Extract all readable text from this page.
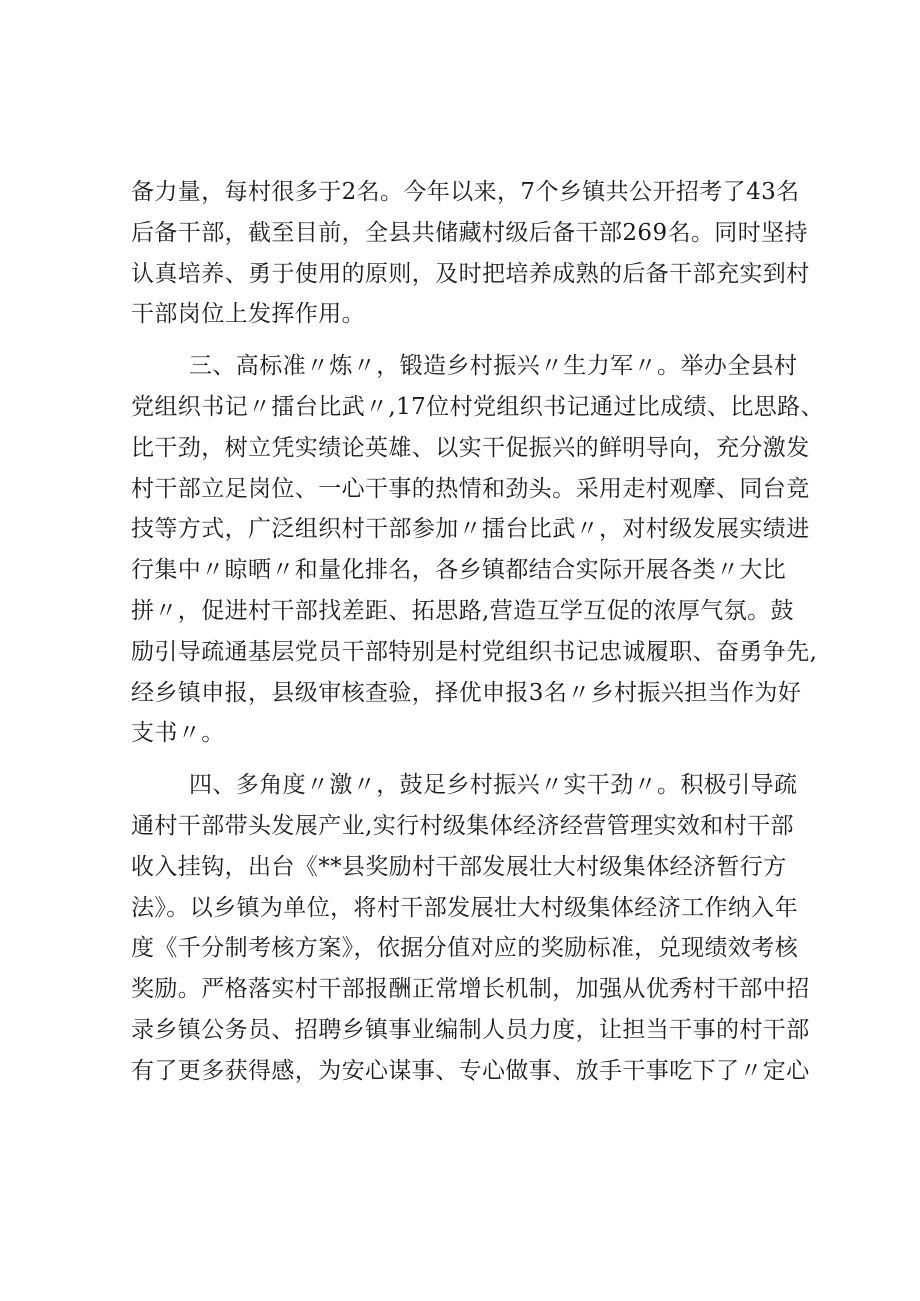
备力量，每村很多于2名。今年以来，7个乡镇共公开招考了43名
后备干部，截至目前，全县共储藏村级后备干部269名。同时坚持
认真培养、勇于使用的原则，及时把培养成熟的后备干部充实到村
干部岗位上发挥作用。
三、高标准〃炼〃，锻造乡村振兴〃生力军〃。举办全县村
党组织书记〃擂台比武〃,17位村党组织书记通过比成绩、比思路、
比干劲，树立凭实绩论英雄、以实干促振兴的鲜明导向，充分激发
村干部立足岗位、一心干事的热情和劲头。采用走村观摩、同台竞
技等方式，广泛组织村干部参加〃擂台比武〃，对村级发展实绩进
行集中〃晾晒〃和量化排名，各乡镇都结合实际开展各类〃大比
拼〃，促进村干部找差距、拓思路,营造互学互促的浓厚气氛。鼓
励引导疏通基层党员干部特别是村党组织书记忠诚履职、奋勇争先,
经乡镇申报，县级审核查验，择优申报3名〃乡村振兴担当作为好
支书〃。
四、多角度〃激〃，鼓足乡村振兴〃实干劲〃。积极引导疏
通村干部带头发展产业,实行村级集体经济经营管理实效和村干部
收入挂钩，出台《**县奖励村干部发展壮大村级集体经济暂行方
法》。以乡镇为单位，将村干部发展壮大村级集体经济工作纳入年
度《千分制考核方案》，依据分值对应的奖励标准，兑现绩效考核
奖励。严格落实村干部报酬正常增长机制，加强从优秀村干部中招
录乡镇公务员、招聘乡镇事业编制人员力度，让担当干事的村干部
有了更多获得感，为安心谋事、专心做事、放手干事吃下了〃定心
